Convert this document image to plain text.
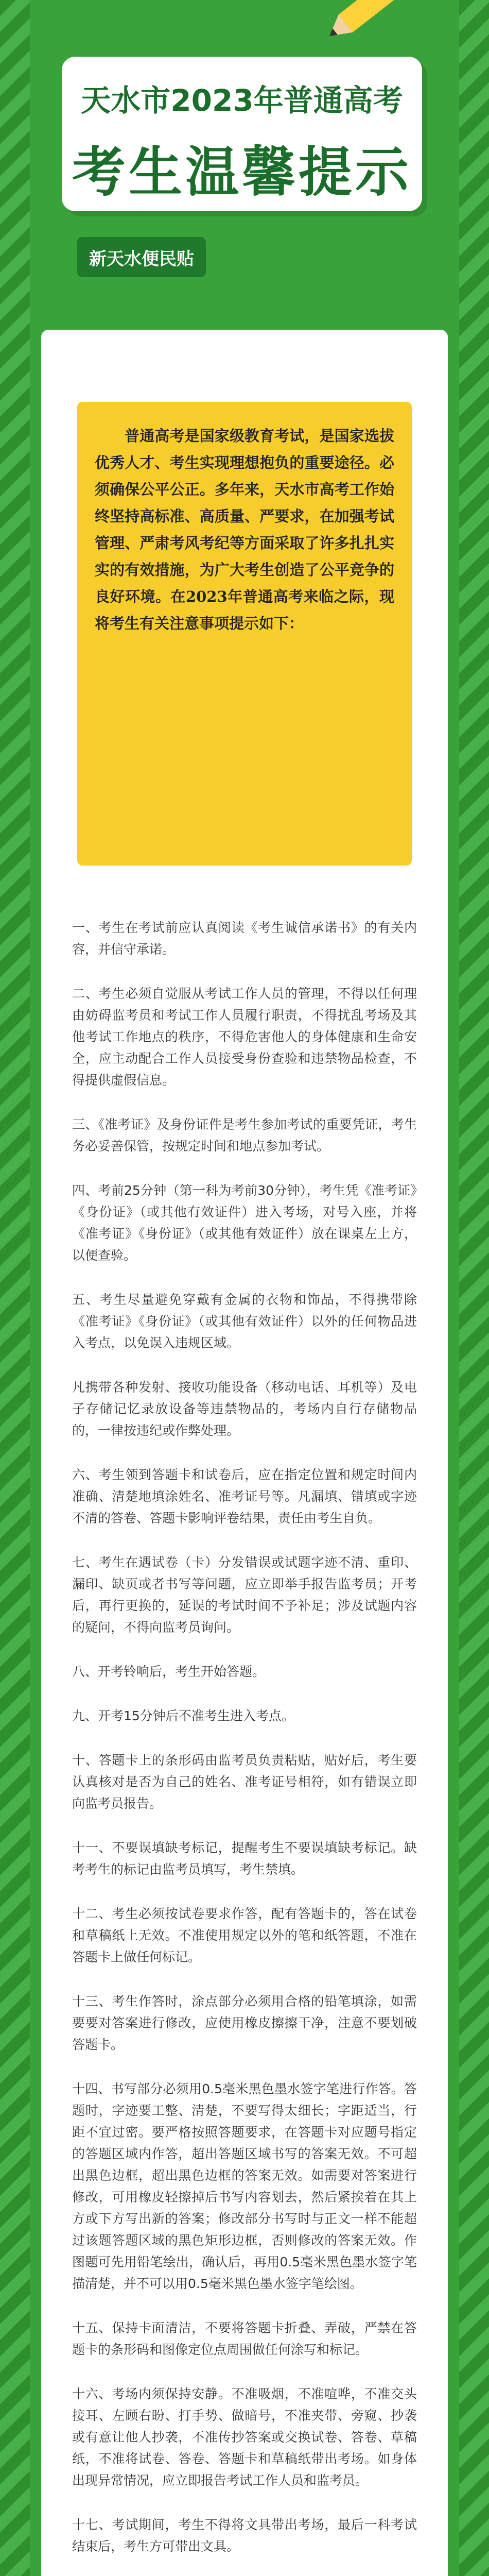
天水市2023年普通高考
考生温馨提示
新天水便民贴
普通高考是国家级教育考试，是国家选拔优秀人才、考生实现理想抱负的重要途径。必须确保公平公正。多年来，天水市高考工作始终坚持高标准、高质量、严要求，在加强考试管理、严肃考风考纪等方面采取了许多扎扎实实的有效措施，为广大考生创造了公平竞争的良好环境。在2023年普通高考来临之际，现将考生有关注意事项提示如下：

一、考生在考试前应认真阅读《考生诚信承诺书》的有关内容，并信守承诺。

二、考生必须自觉服从考试工作人员的管理，不得以任何理由妨碍监考员和考试工作人员履行职责，不得扰乱考场及其他考试工作地点的秩序，不得危害他人的身体健康和生命安全，应主动配合工作人员接受身份查验和违禁物品检查，不得提供虚假信息。

三、《准考证》及身份证件是考生参加考试的重要凭证，考生务必妥善保管，按规定时间和地点参加考试。

四、考前25分钟（第一科为考前30分钟），考生凭《准考证》《身份证》（或其他有效证件）进入考场，对号入座，并将《准考证》《身份证》（或其他有效证件）放在课桌左上方，以便查验。

五、考生尽量避免穿戴有金属的衣物和饰品，不得携带除《准考证》《身份证》（或其他有效证件）以外的任何物品进入考点，以免误入违规区域。

凡携带各种发射、接收功能设备（移动电话、耳机等）及电子存储记忆录放设备等违禁物品的，考场内自行存储物品的，一律按违纪或作弊处理。

六、考生领到答题卡和试卷后，应在指定位置和规定时间内准确、清楚地填涂姓名、准考证号等。凡漏填、错填或字迹不清的答卷、答题卡影响评卷结果，责任由考生自负。

七、考生在遇试卷（卡）分发错误或试题字迹不清、重印、漏印、缺页或者书写等问题，应立即举手报告监考员；开考后，再行更换的，延误的考试时间不予补足；涉及试题内容的疑问，不得向监考员询问。

八、开考铃响后，考生开始答题。

九、开考15分钟后不准考生进入考点。

十、答题卡上的条形码由监考员负责粘贴，贴好后，考生要认真核对是否为自己的姓名、准考证号相符，如有错误立即向监考员报告。

十一、不要误填缺考标记，提醒考生不要误填缺考标记。缺考考生的标记由监考员填写，考生禁填。

十二、考生必须按试卷要求作答，配有答题卡的，答在试卷和草稿纸上无效。不准使用规定以外的笔和纸答题，不准在答题卡上做任何标记。

十三、考生作答时，涂点部分必须用合格的铅笔填涂，如需要要对答案进行修改，应使用橡皮擦擦干净，注意不要划破答题卡。

十四、书写部分必须用0.5毫米黑色墨水签字笔进行作答。答题时，字迹要工整、清楚，不要写得太细长；字距适当，行距不宜过密。要严格按照答题要求，在答题卡对应题号指定的答题区域内作答，超出答题区域书写的答案无效。不可超出黑色边框，超出黑色边框的答案无效。如需要对答案进行修改，可用橡皮轻擦掉后书写内容划去，然后紧挨着在其上方或下方写出新的答案；修改部分书写时与正文一样不能超过该题答题区域的黑色矩形边框，否则修改的答案无效。作图题可先用铅笔绘出，确认后，再用0.5毫米黑色墨水签字笔描清楚，并不可以用0.5毫米黑色墨水签字笔绘图。

十五、保持卡面清洁，不要将答题卡折叠、弄破，严禁在答题卡的条形码和图像定位点周围做任何涂写和标记。

十六、考场内须保持安静。不准吸烟，不准喧哗，不准交头接耳、左顾右盼、打手势、做暗号，不准夹带、旁窥、抄袭或有意让他人抄袭，不准传抄答案或交换试卷、答卷、草稿纸，不准将试卷、答卷、答题卡和草稿纸带出考场。如身体出现异常情况，应立即报告考试工作人员和监考员。

十七、考试期间，考生不得将文具带出考场，最后一科考试结束后，考生方可带出文具。
